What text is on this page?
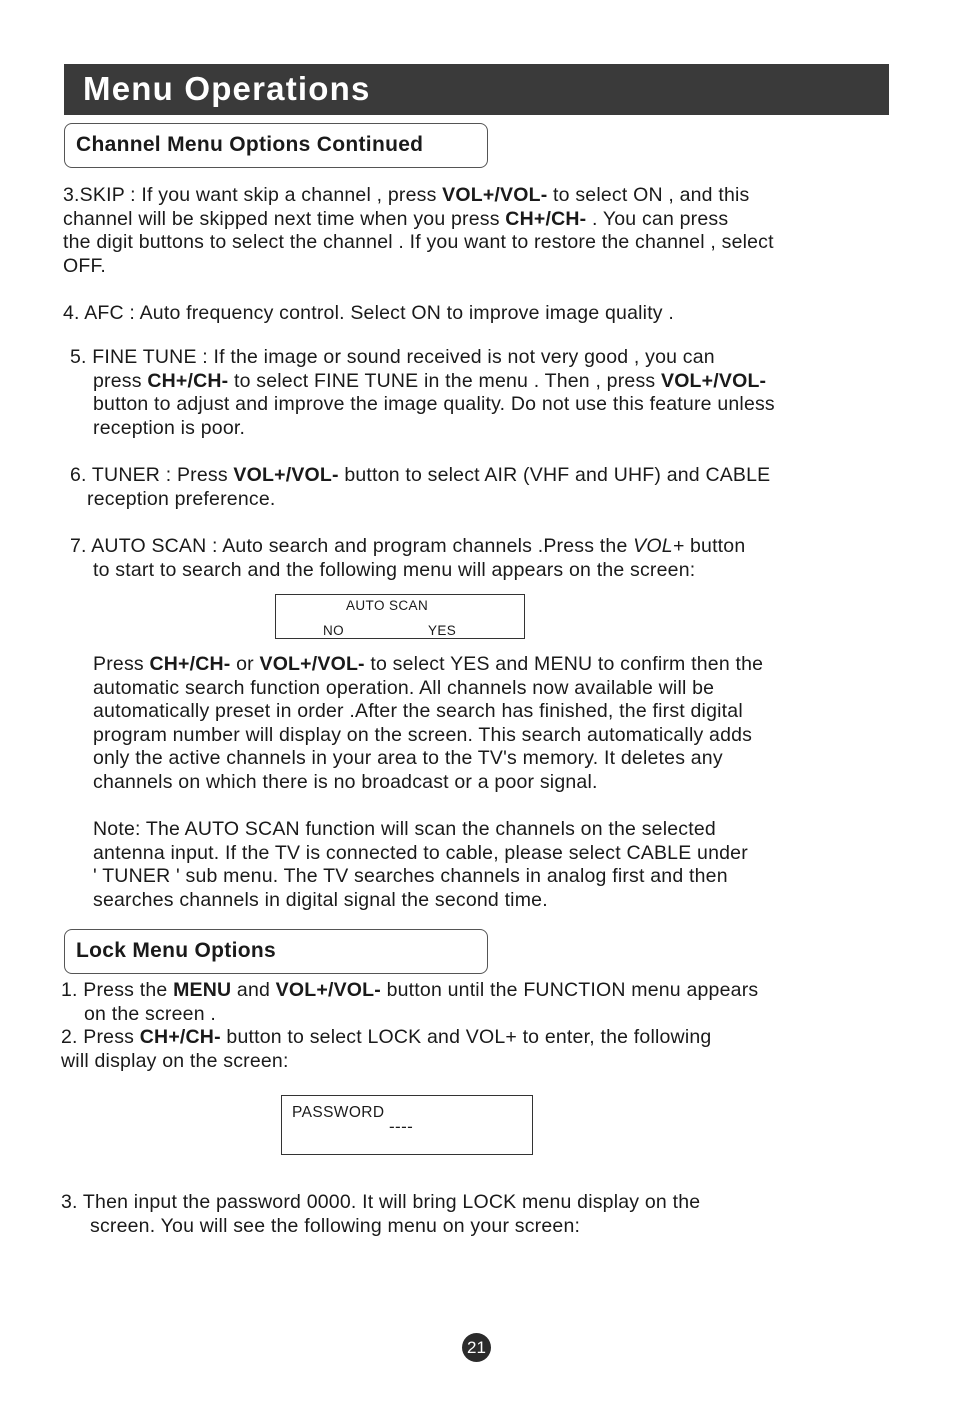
Menu Operations
Channel Menu Options Continued
3.SKIP : If you want skip a channel , press VOL+/VOL- to select ON , and this
channel will be skipped next time when you press CH+/CH- . You can press
the digit buttons to select the channel . If you want to restore the channel , select
OFF.
4. AFC : Auto frequency control. Select ON to improve image quality .
5. FINE TUNE : If the image or sound received is not very good , you can
press CH+/CH- to select FINE TUNE in the menu . Then , press VOL+/VOL-
button to adjust and improve the image quality. Do not use this feature unless
reception is poor.
6. TUNER : Press VOL+/VOL- button to select AIR (VHF and UHF) and CABLE
reception preference.
7. AUTO SCAN : Auto search and program channels .Press the VOL+ button
to start to search and the following menu will appears on the screen:
AUTO SCAN
NO	YES
Press CH+/CH- or VOL+/VOL- to select YES and MENU to confirm then the
automatic search function operation. All channels now available will be
automatically preset in order .After the search has finished, the first digital
program number will display on the screen. This search automatically adds
only the active channels in your area to the TV's memory. It deletes any
channels on which there is no broadcast or a poor signal.
Note: The AUTO SCAN function will scan the channels on the selected
antenna input. If the TV is connected to cable, please select CABLE under
' TUNER ' sub menu. The TV searches channels in analog first and then
searches channels in digital signal the second time.
Lock Menu Options
1. Press the MENU and VOL+/VOL- button until the FUNCTION menu appears
on the screen .
2. Press CH+/CH- button to select LOCK and VOL+ to enter, the following
will display on the screen:
PASSWORD
----
3. Then input the password 0000. It will bring LOCK menu display on the
screen. You will see the following menu on your screen:
21
